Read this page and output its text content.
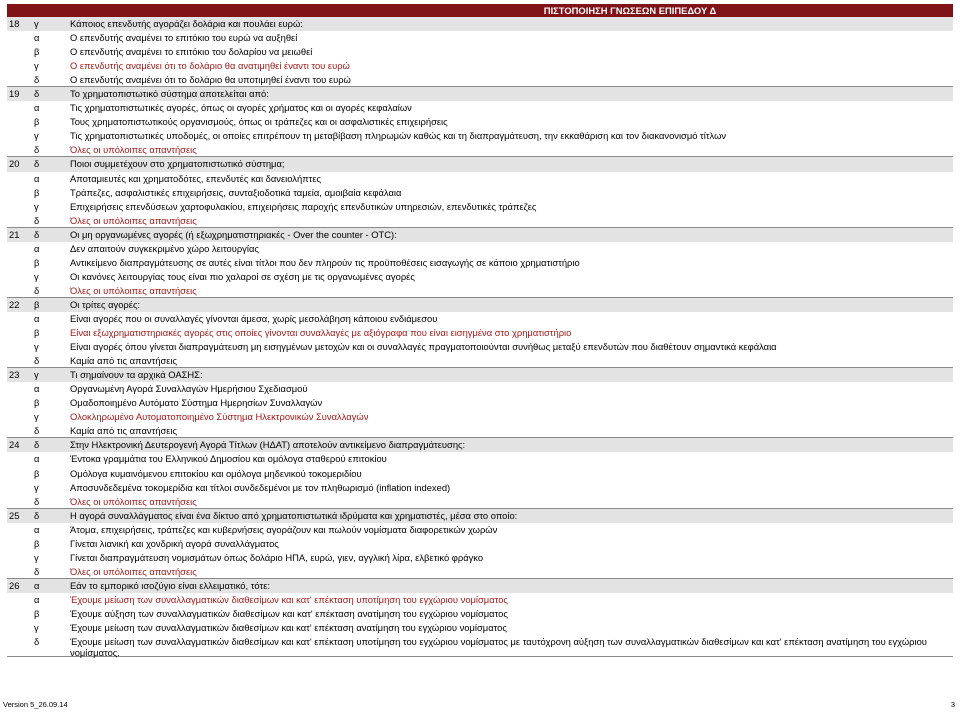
ΠΙΣΤΟΠΟΙΗΣΗ ΓΝΩΣΕΩΝ ΕΠΙΠΕΔΟΥ Δ
18	γ	Κάποιος επενδυτής αγοράζει δολάρια και πουλάει ευρώ:
α	Ο επενδυτής αναμένει το επιτόκιο του ευρώ να αυξηθεί
β	Ο επενδυτής αναμένει το επιτόκιο του δολαρίου να μειωθεί
γ	Ο επενδυτής αναμένει ότι το δολάριο θα ανατιμηθεί έναντι του ευρώ
δ	Ο επενδυτής αναμένει ότι το δολάριο θα υποτιμηθεί έναντι του ευρώ
19	δ	Το χρηματοπιστωτικό σύστημα αποτελείται από:
α	Τις χρηματοπιστωτικές αγορές, όπως οι αγορές χρήματος και οι αγορές κεφαλαίων
β	Τους χρηματοπιστωτικούς οργανισμούς, όπως οι τράπεζες και οι ασφαλιστικές επιχειρήσεις
γ	Τις χρηματοπιστωτικές υποδομές, οι οποίες επιτρέπουν τη μεταβίβαση πληρωμών καθώς και τη διαπραγμάτευση, την εκκαθάριση και τον διακανονισμό τίτλων
δ	Όλες οι υπόλοιπες απαντήσεις
20	δ	Ποιοι συμμετέχουν στο χρηματοπιστωτικό σύστημα;
α	Αποταμιευτές και χρηματοδότες, επενδυτές και δανειολήπτες
β	Τράπεζες, ασφαλιστικές επιχειρήσεις, συνταξιοδοτικά ταμεία, αμοιβαία κεφάλαια
γ	Επιχειρήσεις επενδύσεων χαρτοφυλακίου, επιχειρήσεις παροχής επενδυτικών υπηρεσιών, επενδυτικές τράπεζες
δ	Όλες οι υπόλοιπες απαντήσεις
21	δ	Οι μη οργανωμένες αγορές (ή εξωχρηματιστηριακές - Over the counter - OTC):
α	Δεν απαιτούν συγκεκριμένο χώρο λειτουργίας
β	Αντικείμενο διαπραγμάτευσης σε αυτές είναι τίτλοι που δεν πληρούν τις προϋποθέσεις εισαγωγής σε κάποιο χρηματιστήριο
γ	Οι κανόνες λειτουργίας τους είναι πιο χαλαροί σε σχέση με τις οργανωμένες αγορές
δ	Όλες οι υπόλοιπες απαντήσεις
22	β	Οι τρίτες αγορές:
α	Είναι αγορές που οι συναλλαγές γίνονται άμεσα, χωρίς μεσολάβηση κάποιου ενδιάμεσου
β	Είναι εξωχρηματιστηριακές αγορές στις οποίες γίνονται συναλλαγές με αξιόγραφα που είναι εισηγμένα στο χρηματιστήριο
γ	Είναι αγορές όπου γίνεται διαπραγμάτευση μη εισηγμένων μετοχών και οι συναλλαγές πραγματοποιούνται συνήθως μεταξύ επενδυτών που διαθέτουν σημαντικά κεφάλαια
δ	Καμία από τις απαντήσεις
23	γ	Τι σημαίνουν τα αρχικά ΟΑΣΗΣ:
α	Οργανωμένη Αγορά Συναλλαγών Ημερήσιου Σχεδιασμού
β	Ομαδοποιημένο Αυτόματο Σύστημα Ημερησίων Συναλλαγών
γ	Ολοκληρωμένο Αυτοματοποιημένο Σύστημα Ηλεκτρονικών Συναλλαγών
δ	Καμία από τις απαντήσεις
24	δ	Στην Ηλεκτρονική Δευτερογενή Αγορά Τίτλων (ΗΔΑΤ) αποτελούν αντικείμενο διαπραγμάτευσης:
α	Έντοκα γραμμάτια του Ελληνικού Δημοσίου και ομόλογα σταθερού επιτοκίου
β	Ομόλογα κυμαινόμενου επιτοκίου και ομόλογα μηδενικού τοκομεριδίου
γ	Αποσυνδεδεμένα τοκομερίδια και τίτλοι συνδεδεμένοι με τον πληθωρισμό (inflation indexed)
δ	Όλες οι υπόλοιπες απαντήσεις
25	δ	Η αγορά συναλλάγματος είναι ένα δίκτυο από χρηματοπιστωτικά ιδρύματα και χρηματιστές, μέσα στο οποίο:
α	Άτομα, επιχειρήσεις, τράπεζες και κυβερνήσεις αγοράζουν και πωλούν νομίσματα διαφορετικών χωρών
β	Γίνεται λιανική και χονδρική αγορά συναλλάγματος
γ	Γίνεται διαπραγμάτευση νομισμάτων όπως δολάριο ΗΠΑ, ευρώ, γιεν, αγγλική λίρα, ελβετικό φράγκο
δ	Όλες οι υπόλοιπες απαντήσεις
26	α	Εάν το εμπορικό ισοζύγιο είναι ελλειματικό, τότε:
α	Έχουμε μείωση των συναλλαγματικών διαθεσίμων και κατ' επέκταση υποτίμηση του εγχώριου νομίσματος
β	Έχουμε αύξηση των συναλλαγματικών διαθεσίμων και κατ' επέκταση ανατίμηση του εγχώριου νομίσματος
γ	Έχουμε μείωση των συναλλαγματικών διαθεσίμων και κατ' επέκταση ανατίμηση του εγχώριου νομίσματος
δ	Έχουμε μείωση των συναλλαγματικών διαθεσίμων και κατ' επέκταση υποτίμηση του εγχώριου νομίσματος με ταυτόχρονη αύξηση των συναλλαγματικών διαθεσίμων και κατ' επέκταση ανατίμηση του εγχώριου νομίσματος.
Version 5_26.09.14	3
